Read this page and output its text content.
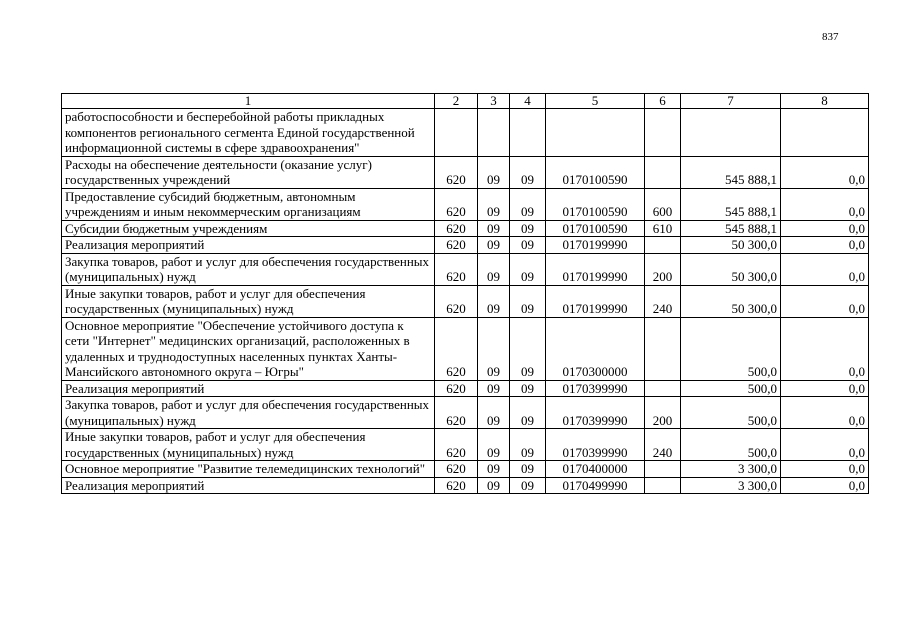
837
1	2	3	4	5	6	7	8
работоспособности и бесперебойной работы прикладных компонентов регионального сегмента Единой государственной информационной системы в сфере здравоохранения"							
Расходы на обеспечение деятельности (оказание услуг) государственных учреждений	620	09	09	0170100590		545 888,1	0,0
Предоставление субсидий бюджетным, автономным учреждениям и иным некоммерческим организациям	620	09	09	0170100590	600	545 888,1	0,0
Субсидии бюджетным учреждениям	620	09	09	0170100590	610	545 888,1	0,0
Реализация мероприятий	620	09	09	0170199990		50 300,0	0,0
Закупка товаров, работ и услуг для обеспечения государственных (муниципальных) нужд	620	09	09	0170199990	200	50 300,0	0,0
Иные закупки товаров, работ и услуг для обеспечения государственных (муниципальных) нужд	620	09	09	0170199990	240	50 300,0	0,0
Основное мероприятие "Обеспечение устойчивого доступа к сети "Интернет" медицинских организаций, расположенных в удаленных и труднодоступных населенных пунктах Ханты-Мансийского автономного округа – Югры"	620	09	09	0170300000		500,0	0,0
Реализация мероприятий	620	09	09	0170399990		500,0	0,0
Закупка товаров, работ и услуг для обеспечения государственных (муниципальных) нужд	620	09	09	0170399990	200	500,0	0,0
Иные закупки товаров, работ и услуг для обеспечения государственных (муниципальных) нужд	620	09	09	0170399990	240	500,0	0,0
Основное мероприятие "Развитие телемедицинских технологий"	620	09	09	0170400000		3 300,0	0,0
Реализация мероприятий	620	09	09	0170499990		3 300,0	0,0
